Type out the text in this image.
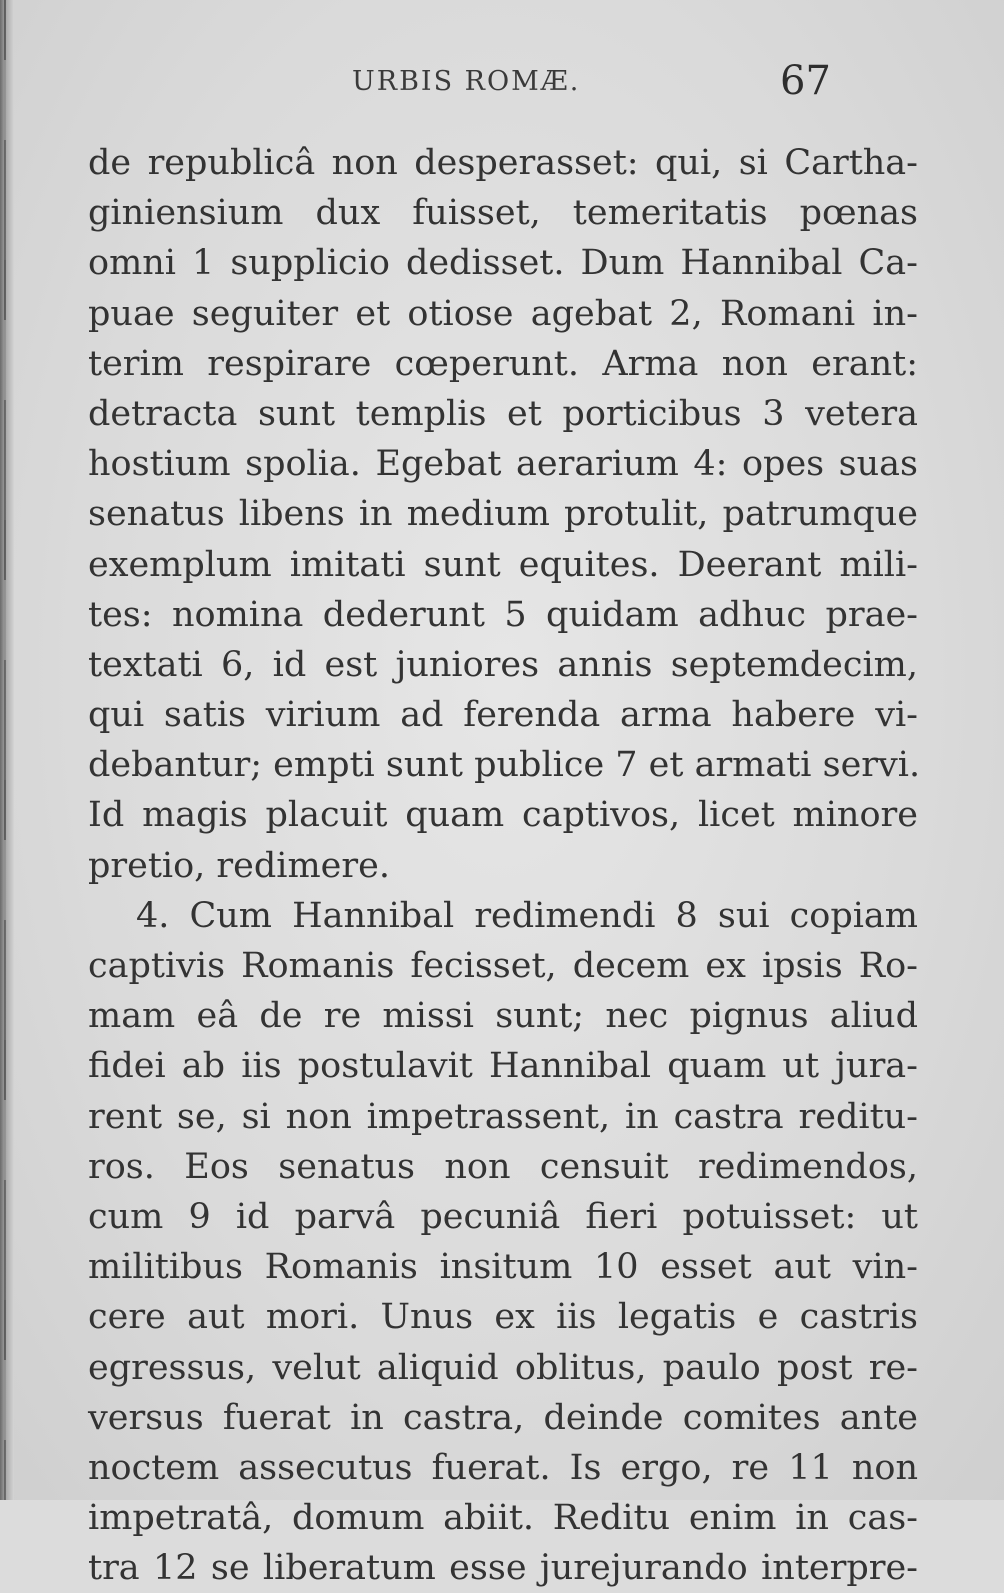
URBIS ROMÆ.	67
de republicâ non desperasset: qui, si Cartha-
giniensium dux fuisset, temeritatis pœnas
omni 1 supplicio dedisset. Dum Hannibal Ca-
puae seguiter et otiose agebat 2, Romani in-
terim respirare cœperunt. Arma non erant:
detracta sunt templis et porticibus 3 vetera
hostium spolia. Egebat aerarium 4: opes suas
senatus libens in medium protulit, patrumque
exemplum imitati sunt equites. Deerant mili-
tes: nomina dederunt 5 quidam adhuc prae-
textati 6, id est juniores annis septemdecim,
qui satis virium ad ferenda arma habere vi-
debantur; empti sunt publice 7 et armati servi.
Id magis placuit quam captivos, licet minore
pretio, redimere.
4. Cum Hannibal redimendi 8 sui copiam
captivis Romanis fecisset, decem ex ipsis Ro-
mam eâ de re missi sunt; nec pignus aliud
fidei ab iis postulavit Hannibal quam ut jura-
rent se, si non impetrassent, in castra reditu-
ros. Eos senatus non censuit redimendos,
cum 9 id parvâ pecuniâ fieri potuisset: ut
militibus Romanis insitum 10 esset aut vin-
cere aut mori. Unus ex iis legatis e castris
egressus, velut aliquid oblitus, paulo post re-
versus fuerat in castra, deinde comites ante
noctem assecutus fuerat. Is ergo, re 11 non
impetratâ, domum abiit. Reditu enim in cas-
tra 12 se liberatum esse jurejurando interpre-
